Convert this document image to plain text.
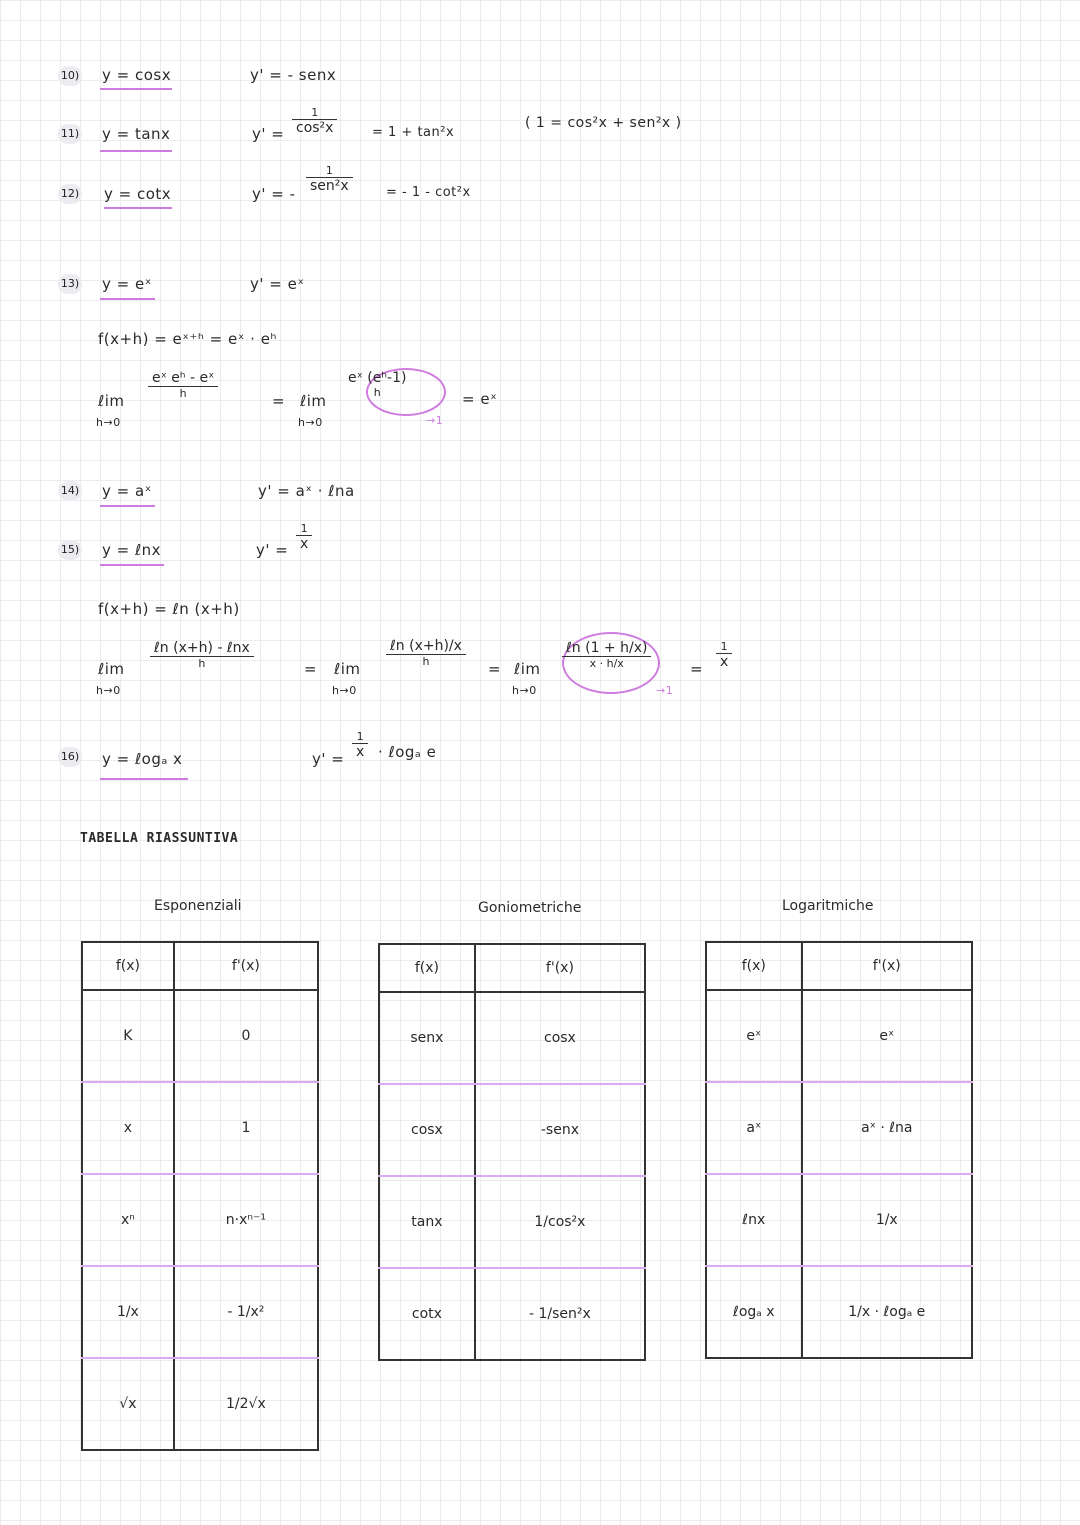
10) y = cosx	y' = - senx
11) y = tanx	y' =
1
cos²x	= 1 + tan²x
( 1 = cos²x + sen²x )
12) y = cotx	y' = -
1
sen²x	= - 1 - cot²x
13) y = eˣ	y' = eˣ
f(x+h) = eˣ⁺ʰ = eˣ · eʰ
ℓim
h→0
eˣ eʰ - eˣ
h	= ℓim
h→0
eˣ (eʰ-1)
h
→1
= eˣ
14) y = aˣ	y' = aˣ · ℓna
15) y = ℓnx	y' =
1
x
f(x+h) = ℓn (x+h)
ℓim
h→0
ℓn (x+h) - ℓnx
h	= ℓim
h→0
ℓn (x+h)/x
h	= ℓim
h→0
ℓn (1 + h/x)
x · h/x
→1
=
1
x
16) y = ℓogₐ x	y' =
1
x · ℓogₐ e
TABELLA RIASSUNTIVA
Esponenziali	Goniometriche	Logaritmiche
f(x)	f'(x)
K	0
x	1
xⁿ	n·xⁿ⁻¹
1/x	- 1/x²
√x	1/2√x
f(x)	f'(x)
senx	cosx
cosx	-senx
tanx	1/cos²x
cotx	- 1/sen²x
f(x)	f'(x)
eˣ	eˣ
aˣ	aˣ · ℓna
ℓnx	1/x
ℓogₐ x	1/x · ℓogₐ e
